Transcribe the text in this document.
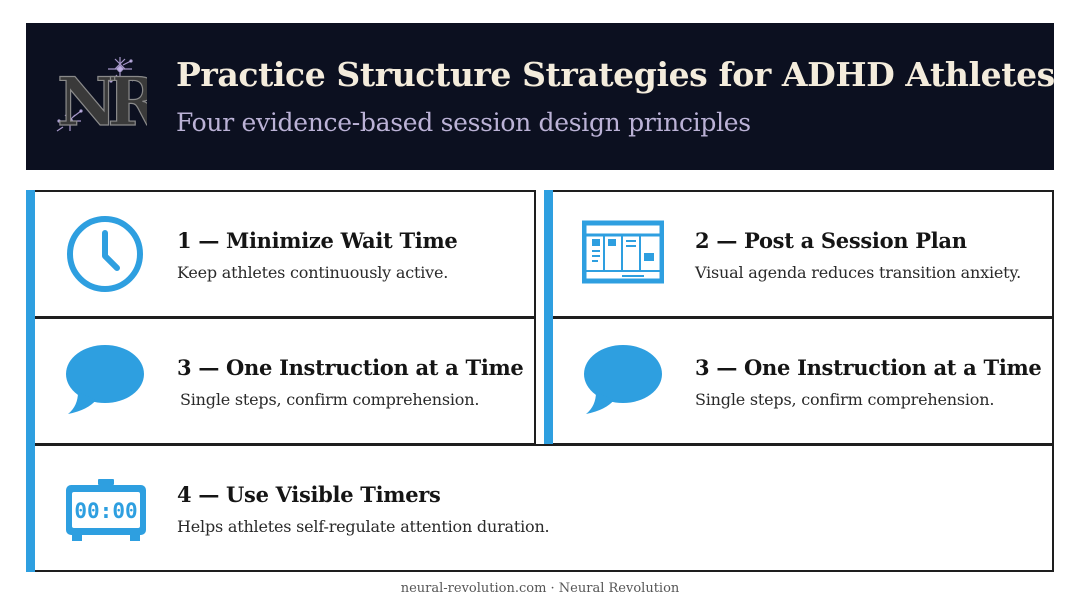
NR Practice Structure Strategies for ADHD Athletes

Four evidence-based session design principles

1 — Minimize Wait Time

Keep athletes continuously active.

2 — Post a Session Plan

Visual agenda reduces transition anxiety.

3 — One Instruction at a Time

Single steps, confirm comprehension.

3 — One Instruction at a Time

Single steps, confirm comprehension.

00:00
4 — Use Visible Timers

Helps athletes self-regulate attention duration.

neural-revolution.com · Neural Revolution
